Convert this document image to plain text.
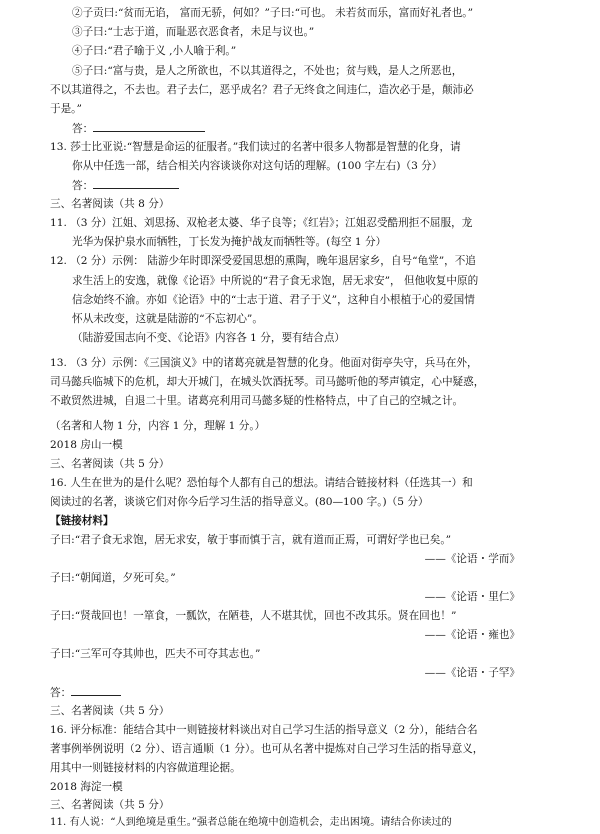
②子贡曰:“贫而无谄， 富而无骄，何如？”子曰:“可也。 未若贫而乐，富而好礼者也。”
③子曰:“士志于道，而耻恶衣恶食者，未足与议也。”
④子曰:“君子喻于义 ,小人喻于利。”
⑤子曰:“富与贵，是人之所欲也，不以其道得之，不处也；贫与贱，是人之所恶也，
不以其道得之，不去也。君子去仁，恶乎成名？君子无终食之间违仁，造次必于是，颠沛必
于是。”
答：
13. 莎士比亚说:“智慧是命运的征服者。”我们读过的名著中很多人物都是智慧的化身，请
你从中任选一部，结合相关内容谈谈你对这句话的理解。(100 字左右)（3 分）
答：
三、名著阅读（共 8 分）
11. （3 分）江姐、刘思扬、双枪老太婆、华子良等；《红岩》；江姐忍受酷刑拒不屈服，龙
光华为保护泉水而牺牲，丁长发为掩护战友而牺牲等。(每空 1 分）
12. （2 分）示例： 陆游少年时即深受爱国思想的熏陶，晚年退居家乡，自号“龟堂”，不追
求生活上的安逸，就像《论语》中所说的“君子食无求饱，居无求安”， 但他收复中原的
信念始终不渝。亦如《论语》中的“士志于道、君子于义”，这种自小根植于心的爱国情
怀从未改变，这就是陆游的“不忘初心”。
（陆游爱国志向不变、《论语》内容各 1 分，要有结合点）
13. （3 分）示例：《三国演义》中的诸葛亮就是智慧的化身。他面对街亭失守，兵马在外，
司马懿兵临城下的危机，却大开城门，在城头饮酒抚琴。司马懿听他的琴声镇定，心中疑惑，
不敢贸然进城，自退二十里。诸葛亮利用司马懿多疑的性格特点，中了自己的空城之计。
（名著和人物 1 分，内容 1 分，理解 1 分。）
2018 房山一模
三、名著阅读（共 5 分）
16. 人生在世为的是什么呢？恐怕每个人都有自己的想法。请结合链接材料（任选其一）和
阅读过的名著，谈谈它们对你今后学习生活的指导意义。(80—100 字。)（5 分）
【链接材料】
子曰:“君子食无求饱，居无求安，敏于事而慎于言，就有道而正焉，可谓好学也已矣。”
——《论语・学而》
子曰:“朝闻道，夕死可矣。”
——《论语・里仁》
子曰:“贤哉回也！一箪食，一瓢饮，在陋巷，人不堪其忧，回也不改其乐。贤在回也！”
——《论语・雍也》
子曰:“三军可夺其帅也，匹夫不可夺其志也。”
——《论语・子罕》
答：
三、名著阅读（共 5 分）
16. 评分标准：能结合其中一则链接材料谈出对自己学习生活的指导意义（2 分），能结合名
著事例举例说明（2 分）、语言通顺（1 分）。也可从名著中提炼对自己学习生活的指导意义，
用其中一则链接材料的内容做道理论据。
2018 海淀一模
三、名著阅读（共 5 分）
11. 有人说：“人到绝境是重生。”强者总能在绝境中创造机会，走出困境。请结合你读过的
